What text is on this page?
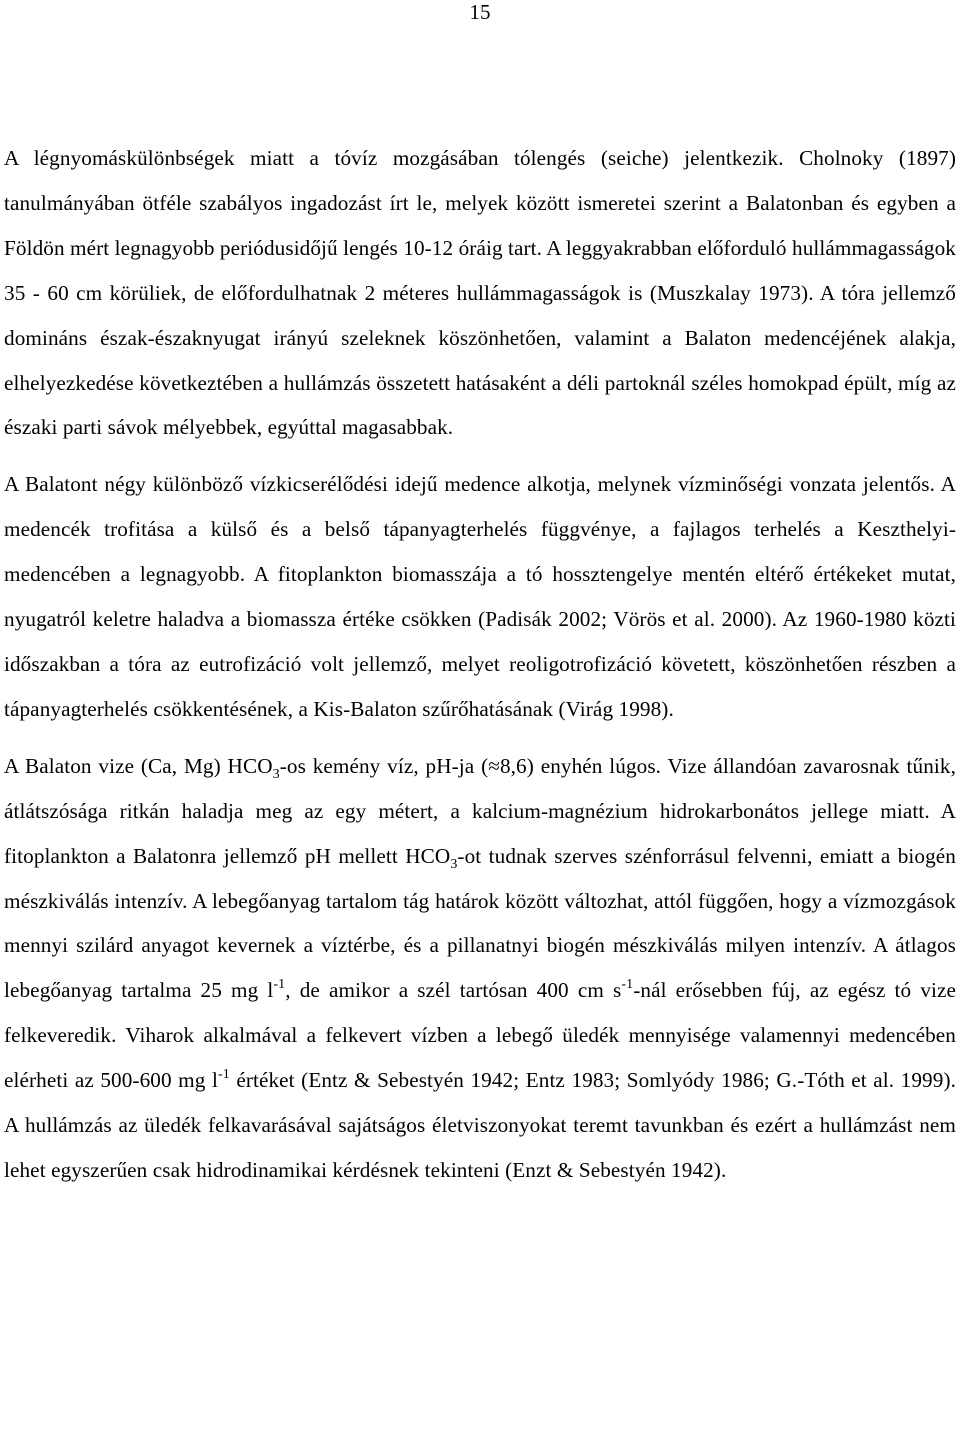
15

A légnyomáskülönbségek miatt a tóvíz mozgásában tólengés (seiche) jelentkezik. Cholnoky (1897) tanulmányában ötféle szabályos ingadozást írt le, melyek között ismeretei szerint a Balatonban és egyben a Földön mért legnagyobb periódusidőjű lengés 10-12 óráig tart. A leggyakrabban előforduló hullámmagasságok 35 - 60 cm körüliek, de előfordulhatnak 2 méteres hullámmagasságok is (Muszkalay 1973). A tóra jellemző domináns észak-északnyugat irányú szeleknek köszönhetően, valamint a Balaton medencéjének alakja, elhelyezkedése következtében a hullámzás összetett hatásaként a déli partoknál széles homokpad épült, míg az északi parti sávok mélyebbek, egyúttal magasabbak.

A Balatont négy különböző vízkicserélődési idejű medence alkotja, melynek vízminőségi vonzata jelentős. A medencék trofitása a külső és a belső tápanyagterhelés függvénye, a fajlagos terhelés a Keszthelyi-medencében a legnagyobb. A fitoplankton biomasszája a tó hossztengelye mentén eltérő értékeket mutat, nyugatról keletre haladva a biomassza értéke csökken (Padisák 2002; Vörös et al. 2000). Az 1960-1980 közti időszakban a tóra az eutrofizáció volt jellemző, melyet reoligotrofizáció követett, köszönhetően részben a tápanyagterhelés csökkentésének, a Kis-Balaton szűrőhatásának (Virág 1998).

A Balaton vize (Ca, Mg) $HCO_3-os$ kemény víz, pH-ja (≈8,6) enyhén lúgos. Vize állandóan zavarosnak tűnik, átlátszósága ritkán haladja meg az egy métert, a kalcium-magnézium hidrokarbonátos jellege miatt. A fitoplankton a Balatonra jellemző pH mellett $HCO_3-ot$ tudnak szerves szénforrásul felvenni, emiatt a biogén mészkiválás intenzív. A lebegőanyag tartalom tág határok között változhat, attól függően, hogy a vízmozgások mennyi szilárd anyagot kevernek a víztérbe, és a pillanatnyi biogén mészkiválás milyen intenzív. A átlagos lebegőanyag tartalma 25 mg $l^{-1}$, de amikor a szél tartósan 400 cm $s^{-1}$-nál erősebben fúj, az egész tó vize felkeveredik. Viharok alkalmával a felkevert vízben a lebegő üledék mennyisége valamennyi medencében elérheti az 500-600 mg $l^{-1}$ értéket (Entz & Sebestyén 1942; Entz 1983; Somlyódy 1986; G.-Tóth et al. 1999). A hullámzás az üledék felkavarásával sajátságos életviszonyokat teremt tavunkban és ezért a hullámzást nem lehet egyszerűen csak hidrodinamikai kérdésnek tekinteni (Enzt & Sebestyén 1942).
